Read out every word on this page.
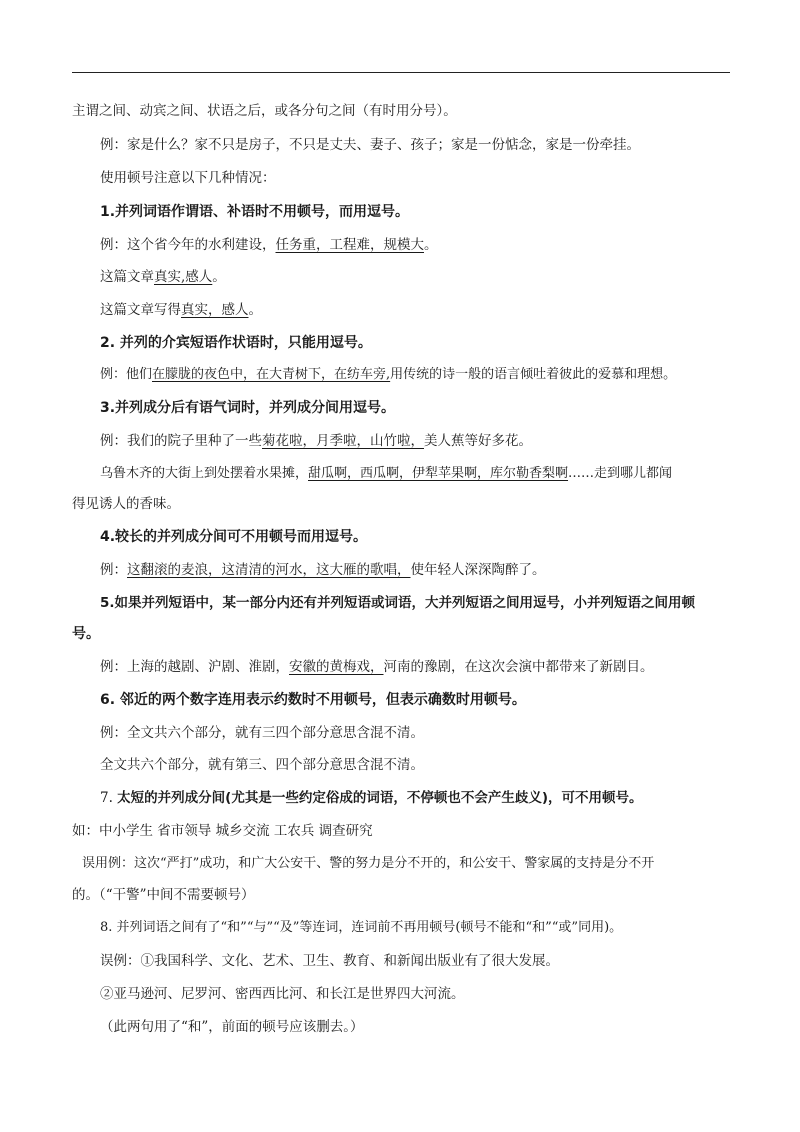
主谓之间、动宾之间、状语之后，或各分句之间（有时用分号）。
例：家是什么？家不只是房子，不只是丈夫、妻子、孩子；家是一份惦念，家是一份牵挂。
使用顿号注意以下几种情况：
1.并列词语作谓语、补语时不用顿号，而用逗号。
例：这个省今年的水利建设，任务重，工程难，规模大。
这篇文章真实,感人。
这篇文章写得真实，感人。
2. 并列的介宾短语作状语时，只能用逗号。
例：他们在朦胧的夜色中，在大青树下，在纺车旁,用传统的诗一般的语言倾吐着彼此的爱慕和理想。
3.并列成分后有语气词时，并列成分间用逗号。
例：我们的院子里种了一些菊花啦，月季啦，山竹啦，美人蕉等好多花。
乌鲁木齐的大街上到处摆着水果摊，甜瓜啊，西瓜啊，伊犁苹果啊，库尔勒香梨啊……走到哪儿都闻
得见诱人的香味。
4.较长的并列成分间可不用顿号而用逗号。
例：这翻滚的麦浪，这清清的河水，这大雁的歌唱，使年轻人深深陶醉了。
5.如果并列短语中，某一部分内还有并列短语或词语，大并列短语之间用逗号，小并列短语之间用顿
号。
例：上海的越剧、沪剧、淮剧，安徽的黄梅戏，河南的豫剧，在这次会演中都带来了新剧目。
6. 邻近的两个数字连用表示约数时不用顿号，但表示确数时用顿号。
例：全文共六个部分，就有三四个部分意思含混不清。
全文共六个部分，就有第三、四个部分意思含混不清。
7. 太短的并列成分间(尤其是一些约定俗成的词语，不停顿也不会产生歧义)，可不用顿号。
如：中小学生 省市领导 城乡交流 工农兵 调查研究
误用例：这次“严打”成功，和广大公安干、警的努力是分不开的，和公安干、警家属的支持是分不开
的。（“干警”中间不需要顿号）
8. 并列词语之间有了“和”“与”“及”等连词，连词前不再用顿号(顿号不能和“和”“或”同用)。
误例：①我国科学、文化、艺术、卫生、教育、和新闻出版业有了很大发展。
②亚马逊河、尼罗河、密西西比河、和长江是世界四大河流。
（此两句用了“和”，前面的顿号应该删去。）
